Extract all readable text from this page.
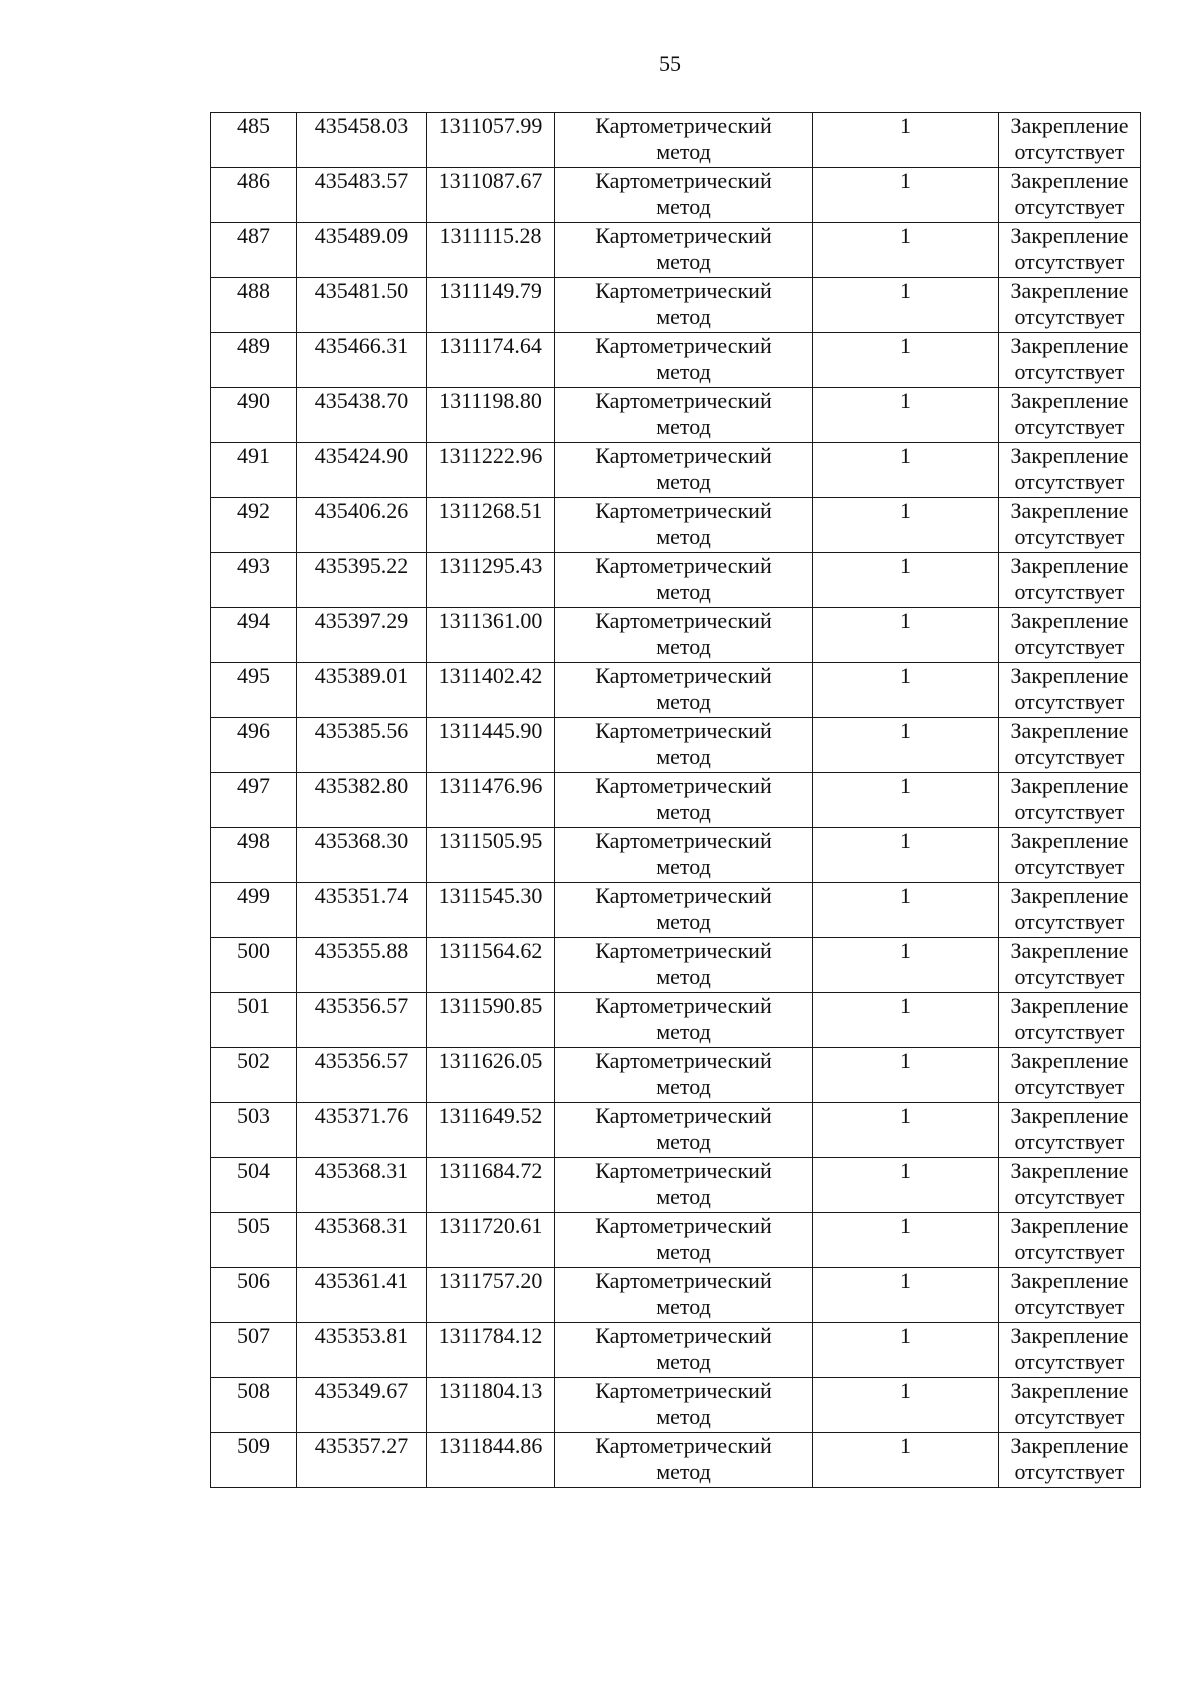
55
485	435458.03	1311057.99	Картометрический
метод	1	Закрепление
отсутствует

486	435483.57	1311087.67	Картометрический
метод	1	Закрепление
отсутствует

487	435489.09	1311115.28	Картометрический
метод	1	Закрепление
отсутствует

488	435481.50	1311149.79	Картометрический
метод	1	Закрепление
отсутствует

489	435466.31	1311174.64	Картометрический
метод	1	Закрепление
отсутствует

490	435438.70	1311198.80	Картометрический
метод	1	Закрепление
отсутствует

491	435424.90	1311222.96	Картометрический
метод	1	Закрепление
отсутствует

492	435406.26	1311268.51	Картометрический
метод	1	Закрепление
отсутствует

493	435395.22	1311295.43	Картометрический
метод	1	Закрепление
отсутствует

494	435397.29	1311361.00	Картометрический
метод	1	Закрепление
отсутствует

495	435389.01	1311402.42	Картометрический
метод	1	Закрепление
отсутствует

496	435385.56	1311445.90	Картометрический
метод	1	Закрепление
отсутствует

497	435382.80	1311476.96	Картометрический
метод	1	Закрепление
отсутствует

498	435368.30	1311505.95	Картометрический
метод	1	Закрепление
отсутствует

499	435351.74	1311545.30	Картометрический
метод	1	Закрепление
отсутствует

500	435355.88	1311564.62	Картометрический
метод	1	Закрепление
отсутствует

501	435356.57	1311590.85	Картометрический
метод	1	Закрепление
отсутствует

502	435356.57	1311626.05	Картометрический
метод	1	Закрепление
отсутствует

503	435371.76	1311649.52	Картометрический
метод	1	Закрепление
отсутствует

504	435368.31	1311684.72	Картометрический
метод	1	Закрепление
отсутствует

505	435368.31	1311720.61	Картометрический
метод	1	Закрепление
отсутствует

506	435361.41	1311757.20	Картометрический
метод	1	Закрепление
отсутствует

507	435353.81	1311784.12	Картометрический
метод	1	Закрепление
отсутствует

508	435349.67	1311804.13	Картометрический
метод	1	Закрепление
отсутствует

509	435357.27	1311844.86	Картометрический
метод	1	Закрепление
отсутствует
